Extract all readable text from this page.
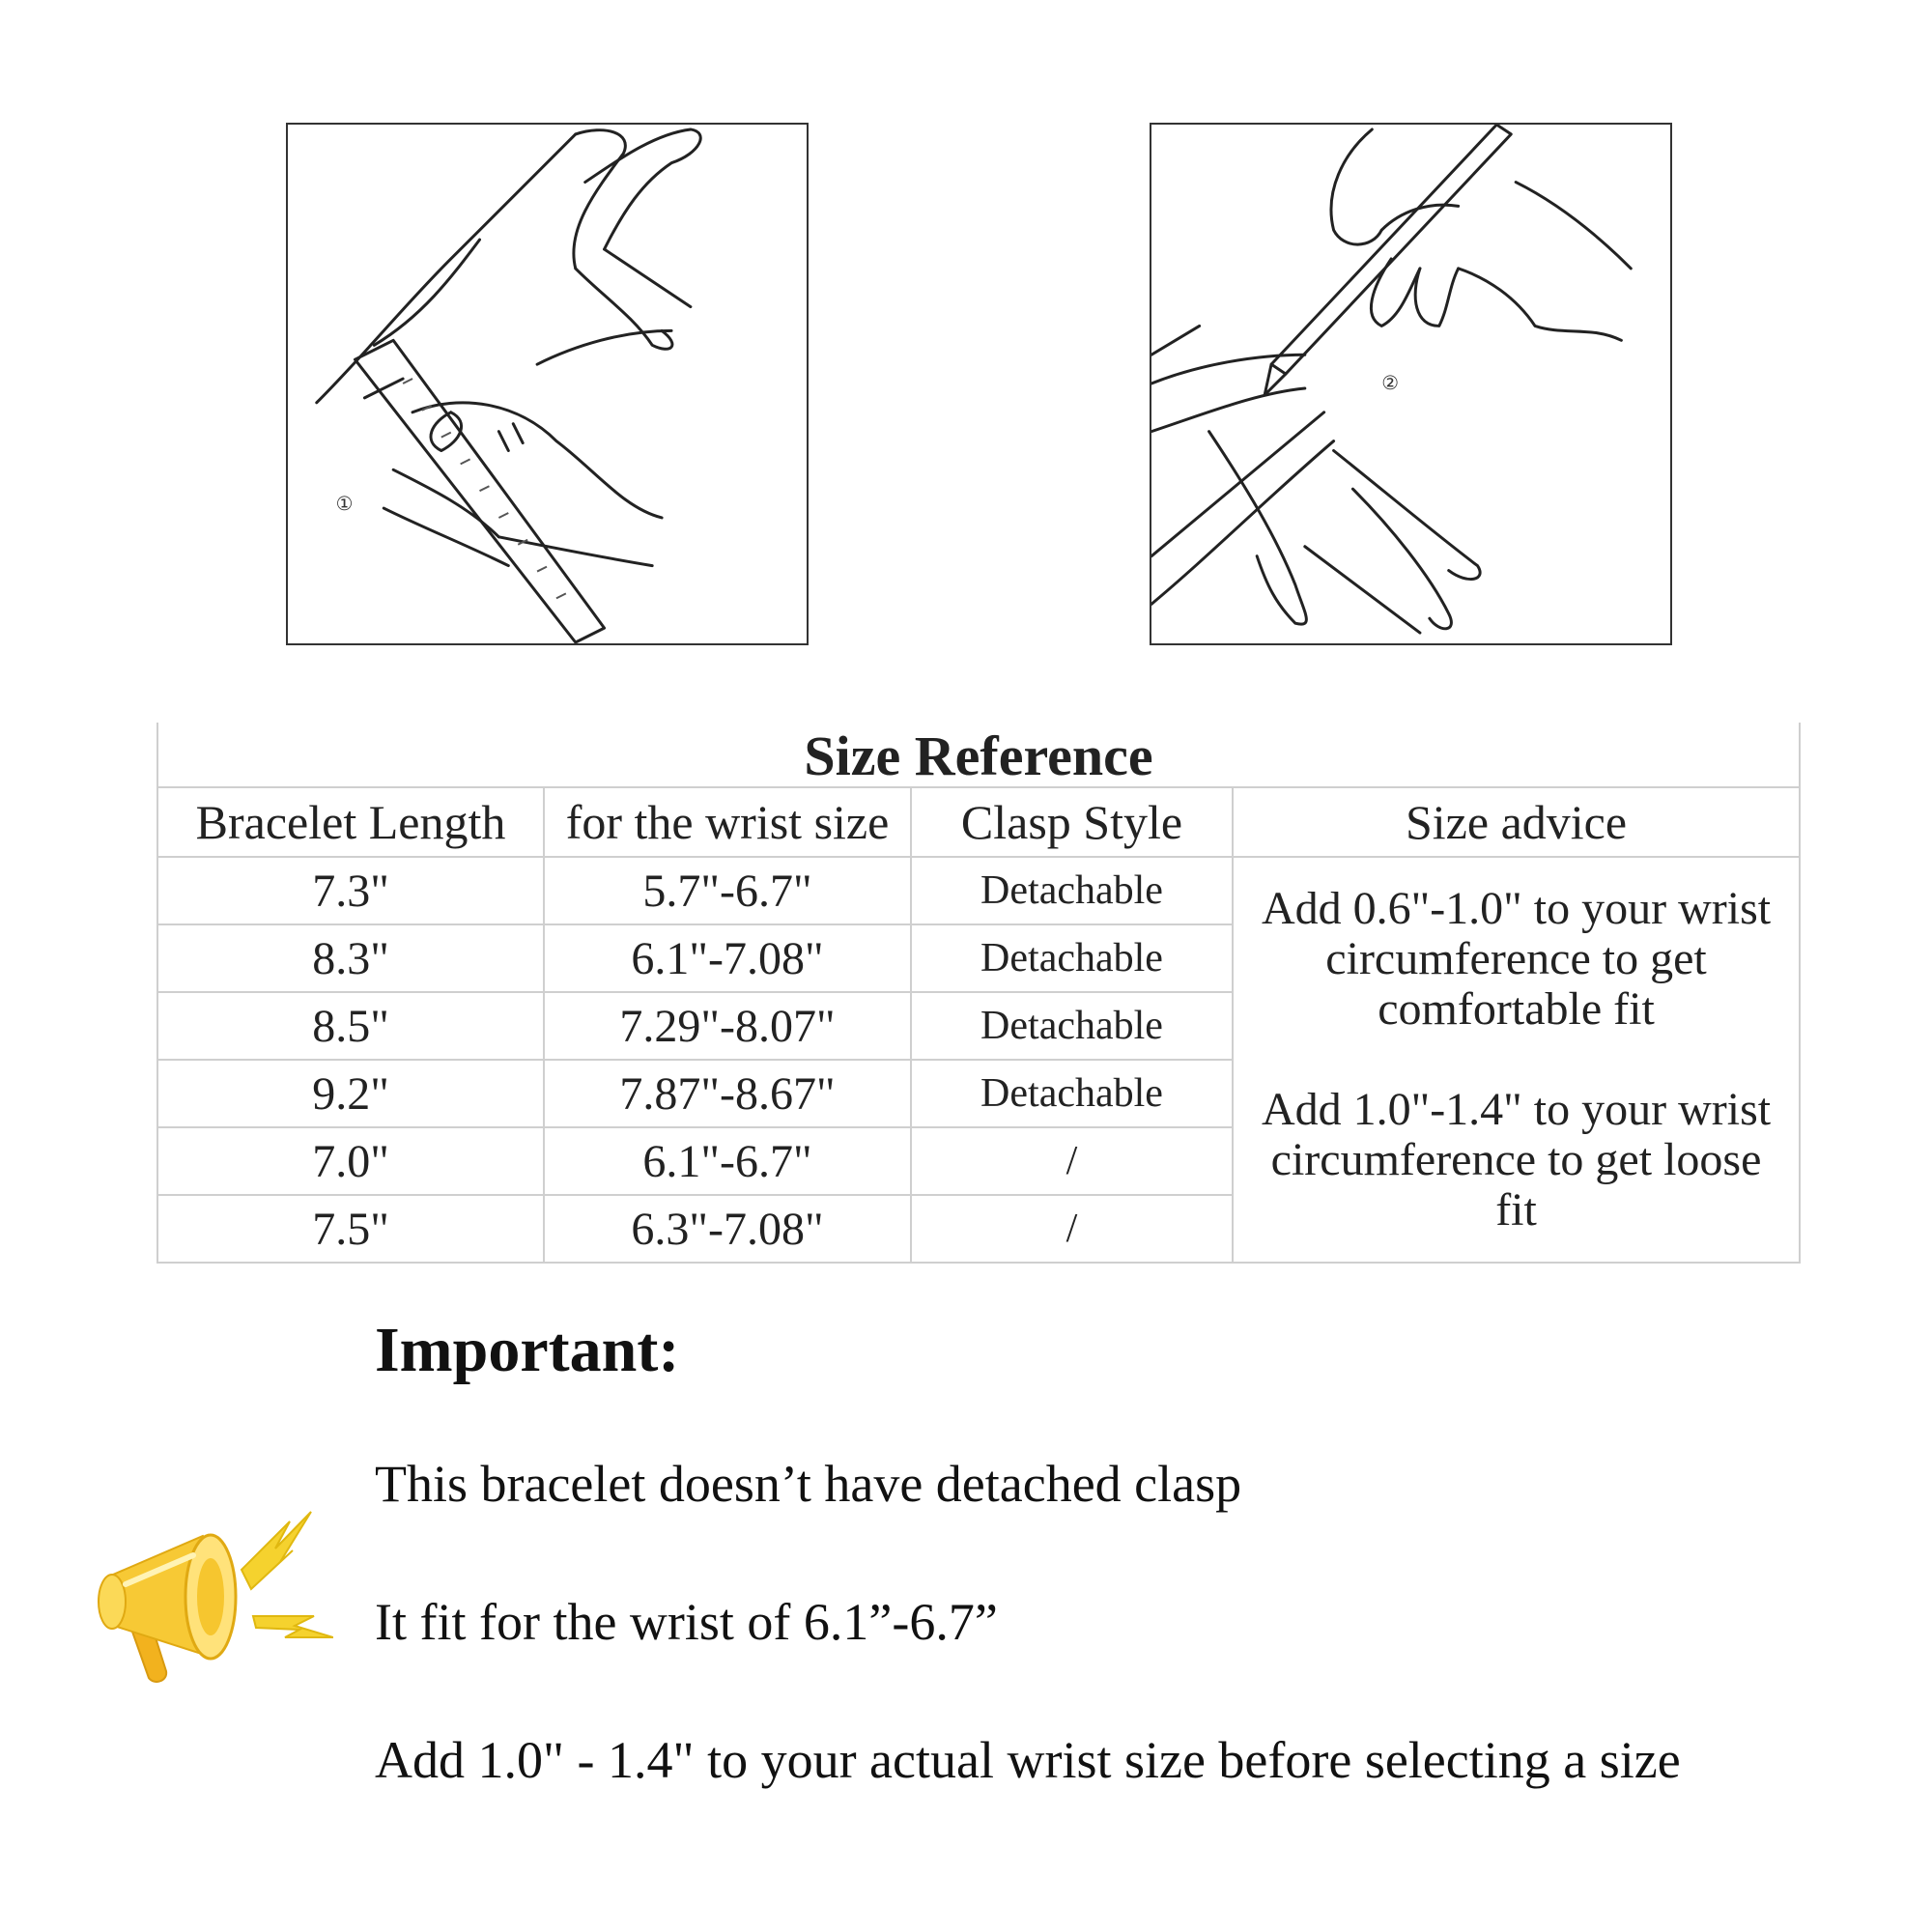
①
②
Size Reference			
Bracelet Length	for the wrist size	Clasp Style	Size advice
7.3"	5.7"-6.7"	Detachable	Add 0.6"-1.0" to your wrist circumference to get comfortable fit
Add 1.0"-1.4" to your wrist circumference to get loose fit

8.3"	6.1"-7.08"	Detachable	
8.5"	7.29"-8.07"	Detachable	
9.2"	7.87"-8.67"	Detachable	
7.0"	6.1"-6.7"	/	
7.5"	6.3"-7.08"	/	
Important:

This bracelet doesn’t have detached clasp

It fit for the wrist of 6.1”-6.7”

Add 1.0" - 1.4" to your actual wrist size before selecting a size
